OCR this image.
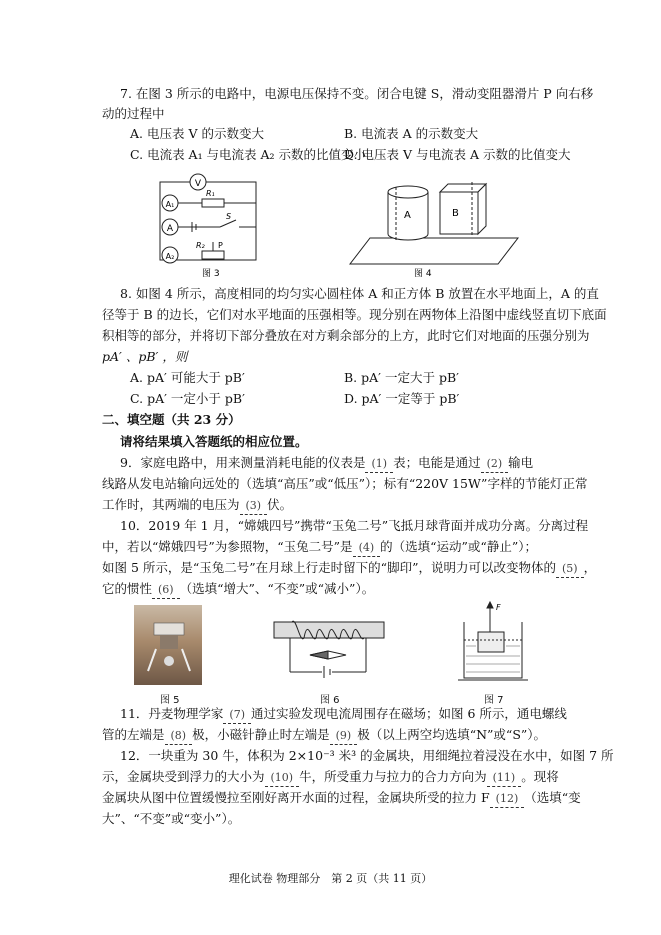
7. 在图 3 所示的电路中，电源电压保持不变。闭合电键 S，滑动变阻器滑片 P 向右移
动的过程中
A. 电压表 V 的示数变大	B. 电流表 A 的示数变大
C. 电流表 A₁ 与电流表 A₂ 示数的比值变小
D. 电压表 V 与电流表 A 示数的比值变大
V
A₁
A
A₂
R₁
S
R₂ P
图 3
A	B
图 4
8. 如图 4 所示，高度相同的均匀实心圆柱体 A 和正方体 B 放置在水平地面上，A 的直
径等于 B 的边长，它们对水平地面的压强相等。现分别在两物体上沿图中虚线竖直切下底面
积相等的部分，并将切下部分叠放在对方剩余部分的上方，此时它们对地面的压强分别为
pA′ 、pB′ ，则
A. pA′ 可能大于 pB′	B. pA′ 一定大于 pB′
C. pA′ 一定小于 pB′	D. pA′ 一定等于 pB′
二、填空题（共 23 分）
请将结果填入答题纸的相应位置。
9．家庭电路中，用来测量消耗电能的仪表是 (1) 表；电能是通过 (2) 输电
线路从发电站输向远处的（选填“高压”或“低压”）；标有“220V 15W”字样的节能灯正常
工作时，其两端的电压为 (3) 伏。
10．2019 年 1 月，“嫦娥四号”携带“玉兔二号”飞抵月球背面并成功分离。分离过程
中，若以“嫦娥四号”为参照物，“玉兔二号”是 (4) 的（选填“运动”或“静止”）；
如图 5 所示，是“玉兔二号”在月球上行走时留下的“脚印”，说明力可以改变物体的 (5) ，
它的惯性 (6) （选填“增大”、“不变”或“减小”）。
图 5	图 6
F
图 7
11．丹麦物理学家 (7) 通过实验发现电流周围存在磁场；如图 6 所示，通电螺线
管的左端是 (8) 极，小磁针静止时左端是 (9) 极（以上两空均选填“N”或“S”）。
12．一块重为 30 牛，体积为 2×10⁻³ 米³ 的金属块，用细绳拉着浸没在水中，如图 7 所
示，金属块受到浮力的大小为 (10) 牛，所受重力与拉力的合力方向为 (11) 。现将
金属块从图中位置缓慢拉至刚好离开水面的过程，金属块所受的拉力 F (12) （选填“变
大”、“不变”或“变小”）。
理化试卷 物理部分　第 2 页（共 11 页）
